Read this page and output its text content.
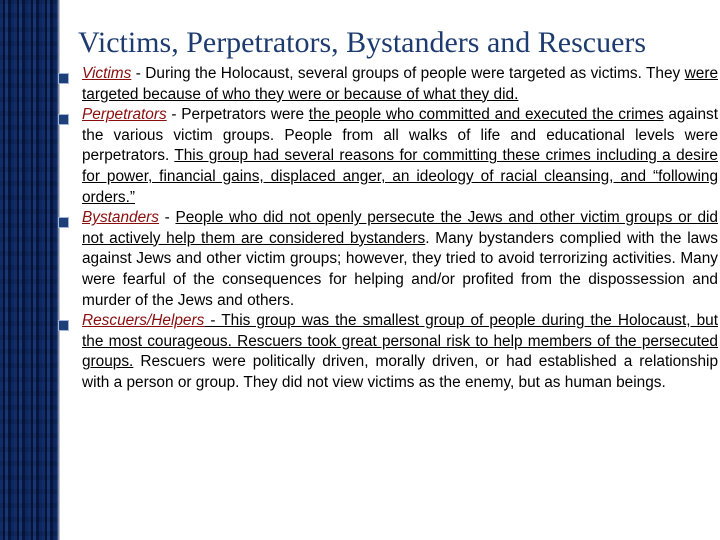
Victims, Perpetrators, Bystanders and Rescuers
Victims - During the Holocaust, several groups of people were targeted as victims. They were targeted because of who they were or because of what they did.
Perpetrators - Perpetrators were the people who committed and executed the crimes against the various victim groups. People from all walks of life and educational levels were perpetrators. This group had several reasons for committing these crimes including a desire for power, financial gains, displaced anger, an ideology of racial cleansing, and “following orders.”
Bystanders - People who did not openly persecute the Jews and other victim groups or did not actively help them are considered bystanders. Many bystanders complied with the laws against Jews and other victim groups; however, they tried to avoid terrorizing activities. Many were fearful of the consequences for helping and/or profited from the dispossession and murder of the Jews and others.
Rescuers/Helpers - This group was the smallest group of people during the Holocaust, but the most courageous. Rescuers took great personal risk to help members of the persecuted groups. Rescuers were politically driven, morally driven, or had established a relationship with a person or group. They did not view victims as the enemy, but as human beings.
